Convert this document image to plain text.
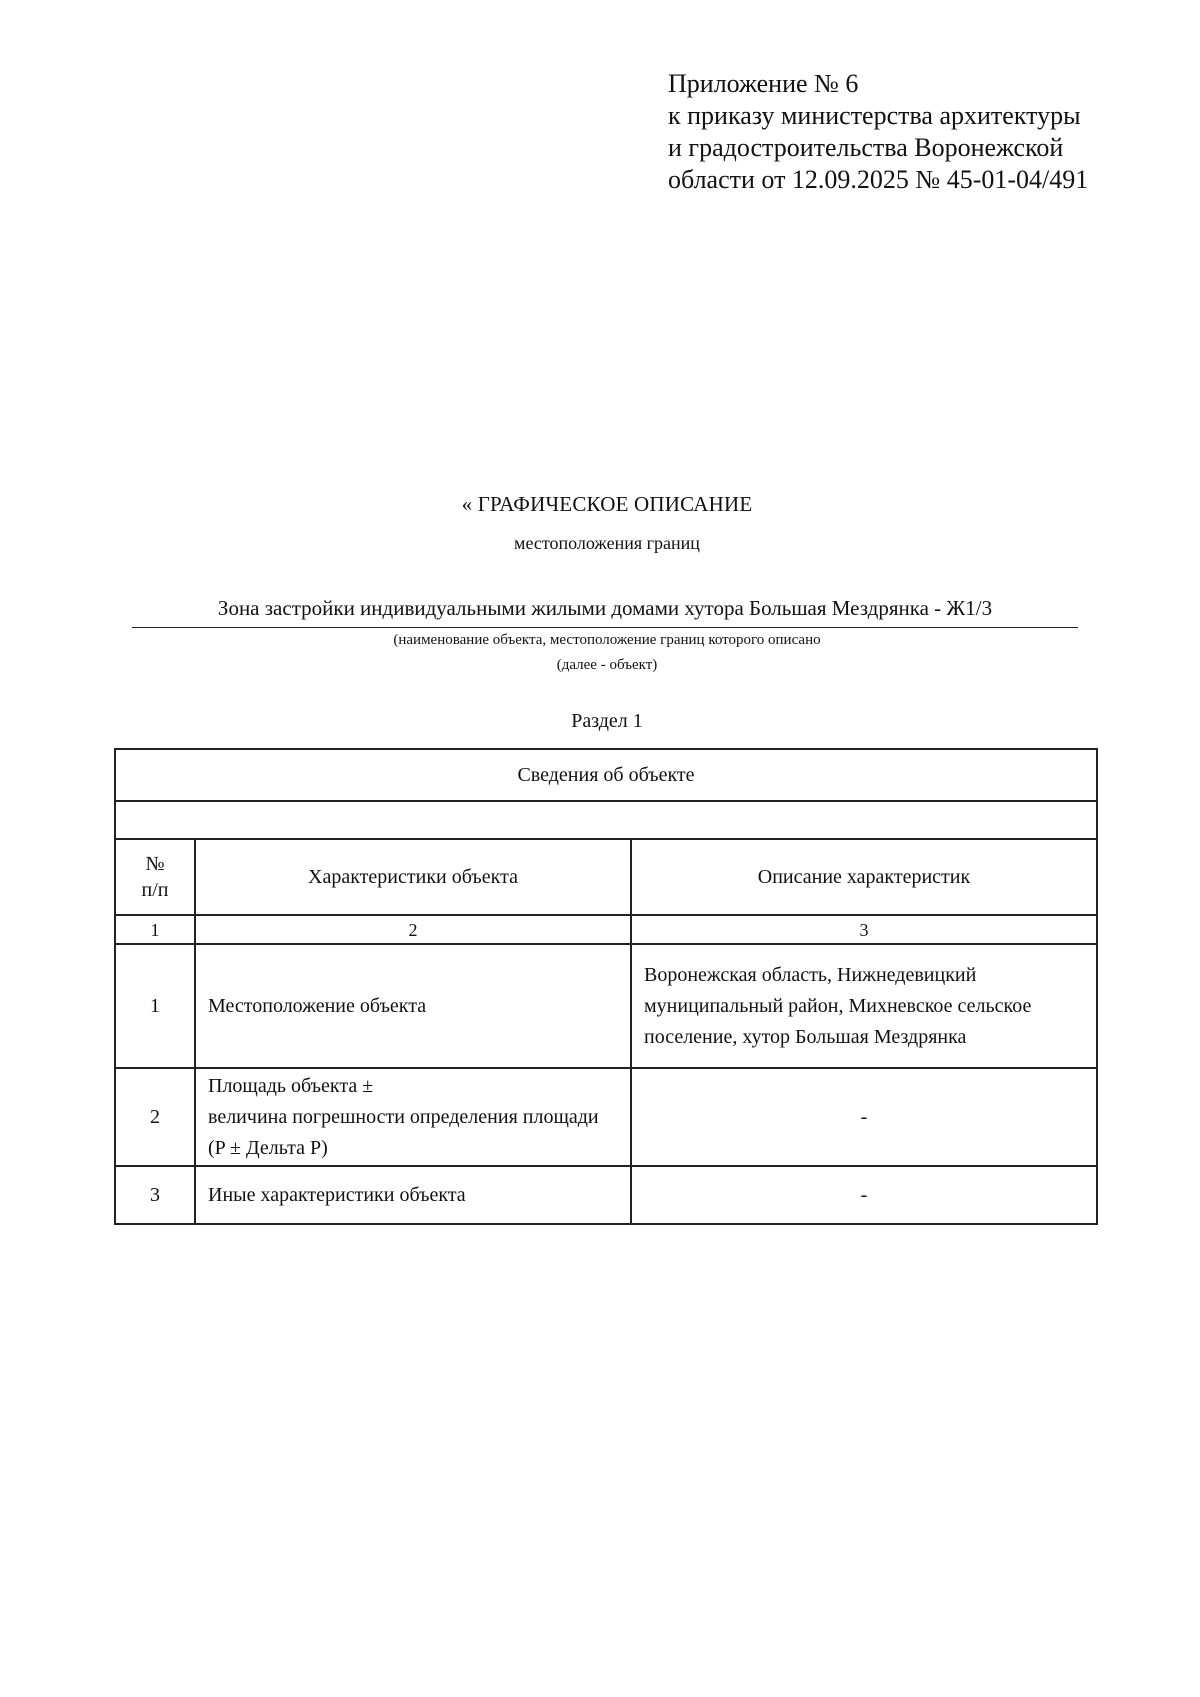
Приложение № 6
к приказу министерства архитектуры
и градостроительства Воронежской
области от 12.09.2025 № 45-01-04/491
« ГРАФИЧЕСКОЕ ОПИСАНИЕ
местоположения границ
Зона застройки индивидуальными жилыми домами хутора Большая Мездрянка - Ж1/3
(наименование объекта, местоположение границ которого описано
(далее - объект)
Раздел 1
Сведения об объекте		

№
п/п	Характеристики объекта	Описание характеристик
1	2	3
1	Местоположение объекта	Воронежская область, Нижнедевицкий муниципальный район, Михневское сельское поселение, хутор Большая Мездрянка
2	Площадь объекта ±
величина погрешности определения площади (P ± Дельта P)	-
3	Иные характеристики объекта	-
